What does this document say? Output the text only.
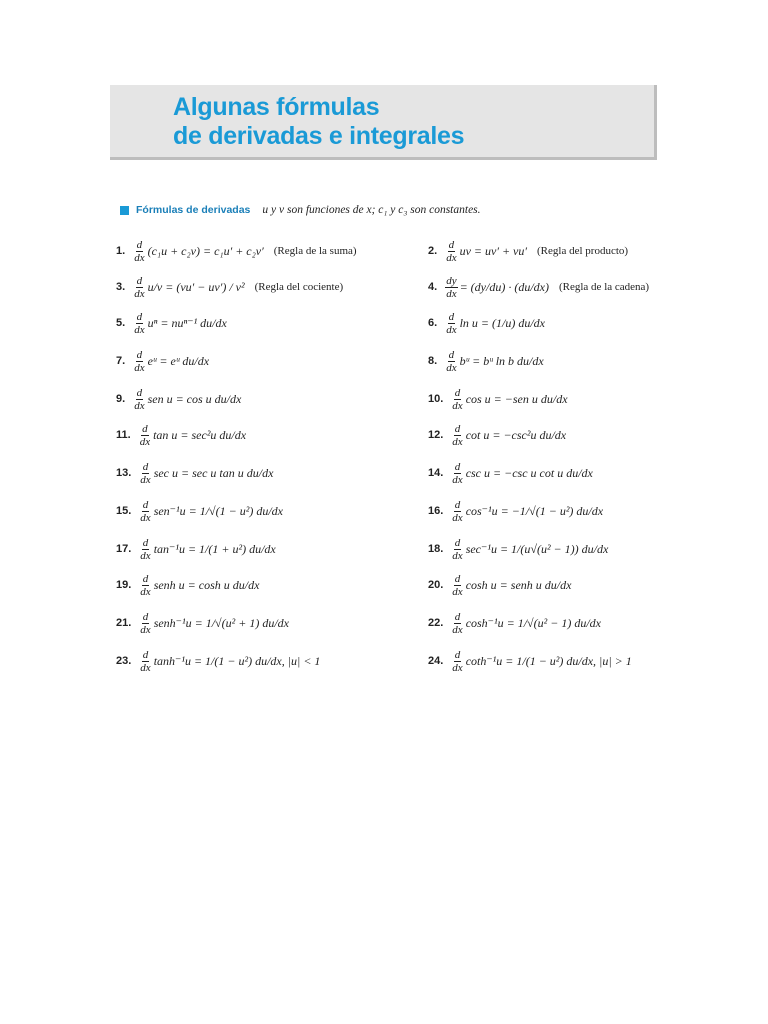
Algunas fórmulas
de derivadas e integrales
Fórmulas de derivadas u y v son funciones de x; c₁ y c₃ son constantes.
1. $\frac{d}{dx} (c_1u + c_2v) = c_1u' + c_2v'$ (Regla de la suma)	2. $\frac{d}{dx}$ uv = uv′ + vu′ (Regla del producto)
3. $\frac{d}{dx} u/v = (vu' - uv') / v^2$ (Regla del cociente)	4. $\frac{dy}{dx} = (dy/du) \cdot (du/dx)$ (Regla de la cadena)
5. $\frac{d}{dx}$ uⁿ = nuⁿ⁻¹ du/dx	6. $\frac{d}{dx}$ ln u = (1/u) du/dx
7. $\frac{d}{dx}$ eᵘ = eᵘ du/dx	8. $\frac{d}{dx}$ bᵘ = bᵘ ln b du/dx
9. $\frac{d}{dx}$ sen u = cos u du/dx	10. $\frac{d}{dx}$ cos u = −sen u du/dx
11. $\frac{d}{dx}$ tan u = sec²u du/dx	12. $\frac{d}{dx}$ cot u = −csc²u du/dx
13. $\frac{d}{dx}$ sec u = sec u tan u du/dx	14. $\frac{d}{dx}$ csc u = −csc u cot u du/dx
15. $\frac{d}{dx} sen^{-1}u = 1/√(1 - u^2)$ du/dx	16. $\frac{d}{dx} \cos^{-1}u = -1/√(1 - u^2)$ du/dx
17. $\frac{d}{dx} \tan^{-1}u = 1/(1 + u^2)$ du/dx	18. $\frac{d}{dx} \sec^{-1}u = 1/(u√(u^2 - 1))$ du/dx
19. $\frac{d}{dx}$ senh u = cosh u du/dx	20. $\frac{d}{dx}$ cosh u = senh u du/dx
21. $\frac{d}{dx}$ senh⁻¹u = 1/√(u² + 1) du/dx	22. $\frac{d}{dx} \cosh^{-1}u = 1/√(u^2 - 1)$ du/dx
23. $\frac{d}{dx} \tanh^{-1}u = 1/(1 - u^2)$ du/dx, |u| < 1	24. $\frac{d}{dx} \cot h^{-1}u = 1/(1 - u^2)$ du/dx, |u| > 1
